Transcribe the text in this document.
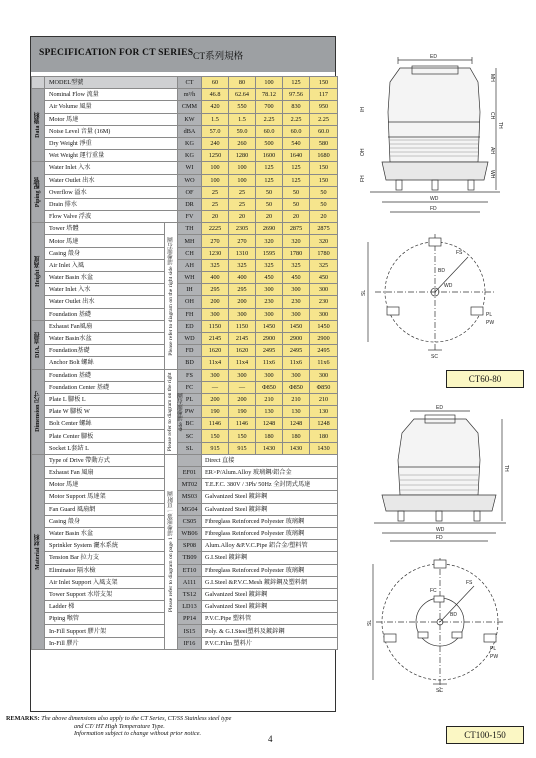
SPECIFICATION FOR CT SERIES CT系列規格
	MODEL型號		CT	60	80	100	125	150

Data 資料	Nominal Flow 流量		m³/h	46.8	62.64	78.12	97.56	117
	Air Volume 風量		CMM	420	550	700	830	950
	Motor 馬達		KW	1.5	1.5	2.25	2.25	2.25
	Noise Level 音量 (16M)		dBA	57.0	59.0	60.0	60.0	60.0
	Dry Weight 淨重		KG	240	260	500	540	580
	Wet Weight 運行重量		KG	1250	1280	1600	1640	1680

Piping 配管	Water Inlet 入水		WI	100	100	125	125	150
	Water Outlet 出水		WO	100	100	125	125	150
	Overflow 溢水		OF	25	25	50	50	50
	Drain 排水		DR	25	25	50	50	50
	Flow Valve 浮波		FV	20	20	20	20	20

Height 高度	Tower 塔體	Please refer to diagram on the right side 請參照右圖	TH	2225	2305	2690	2875	2875
	Motor 馬達		MH	270	270	320	320	320
	Casing 殼身		CH	1230	1310	1595	1780	1780
	Air Inlet 入風		AH	325	325	325	325	325
	Water Basin 水盆		WH	400	400	450	450	450
	Water Inlet 入水		IH	295	295	300	300	300
	Water Outlet 出水		OH	200	200	230	230	230
	Foundation 基礎		FH	300	300	300	300	300

DIA. 直徑	Exhaust Fan風扇		ED	1150	1150	1450	1450	1450
	Water Basin水盆		WD	2145	2145	2900	2900	2900
	Foundation基礎		FD	1620	1620	2495	2495	2495
	Anchor Bolt 螺絲		BD	11x4	11x4	11x6	11x6	11x6

Dimension 尺寸	Foundation 基礎	Please refer to diagram on the right side 請參照右圖	FS	300	300	300	300	300
	Foundation Center 基礎		FC	—	—	Φ850	Φ850	Φ850
	Plate L 腳板 L		PL	200	200	210	210	210
	Plate W 腳板 W		PW	190	190	130	130	130
	Bolt Center 螺絲		BC	1146	1146	1248	1248	1248
	Plate Center 腳板		SC	150	150	180	180	180
	Socket L套結 L		SL	915	915	1430	1430	1430

Material 材料	Type of Drive 帶動方式	Please refer to diagram on page 1 請參照第一頁附圖		Direct 直接				
	Exhaust Fan 風扇		EF01	ER>P/Alum.Alloy 玻璃鋼/鋁合金				
	Motor 馬達		MT02	T.E.F.C. 380V / 3Ph/ 50Hz 全封閉式馬達				
	Motor Support 馬達架		MS03	Galvanized Steel 鍍鋅鋼				
	Fan Guard 風扇網		MG04	Galvanized Steel 鍍鋅鋼				
	Casing 殼身		CS05	Fibreglass Reinforced Polyester 玻璃鋼				
	Water Basin 水盆		WB06	Fibreglass Reinforced Polyester 玻璃鋼				
	Sprinkler System 灑水系統		SP08	Alum.Alloy &P.V.C.Pipe 鋁合金/塑料管				
	Tension Bar 拉力支		TB09	G.I.Steel 鍍鋅鋼				
	Eliminator 隔水檢		ET10	Fibreglass Reinforced Polyester 玻璃鋼				
	Air Inlet Support 入風支架		A111	G.I.Steel &P.V.C.Mesh 鍍鋅鋼及塑料網				
	Tower Support 水塔支架		TS12	Galvanized Steel 鍍鋅鋼				
	Ladder 梯		LD13	Galvanized Steel 鍍鋅鋼				
	Piping 喉管		PP14	P.V.C.Pipe 塑料管				
	In-Fill Support 膠片架		IS15	Poly. & G.I.Steel塑料及鍍鋅鋼				
	In-Fill 膠片		IF16	P.V.C.Film 塑料片				
REMARKS: The above dimensions also apply to the CT Series, CT/SS Stainless steel type
and CT/ HT High Temperature Type.
Information subject to change without prior notice.
4
ED
TH
MH
CH
AH
WH
FH
OH
IH
WD
FD
SL
FS
PL
PW
SC
WD
BD
CT60-80
ED
TH
WD
FD
SL
FC
FS
PL
PW
SC
BD
CT100-150
